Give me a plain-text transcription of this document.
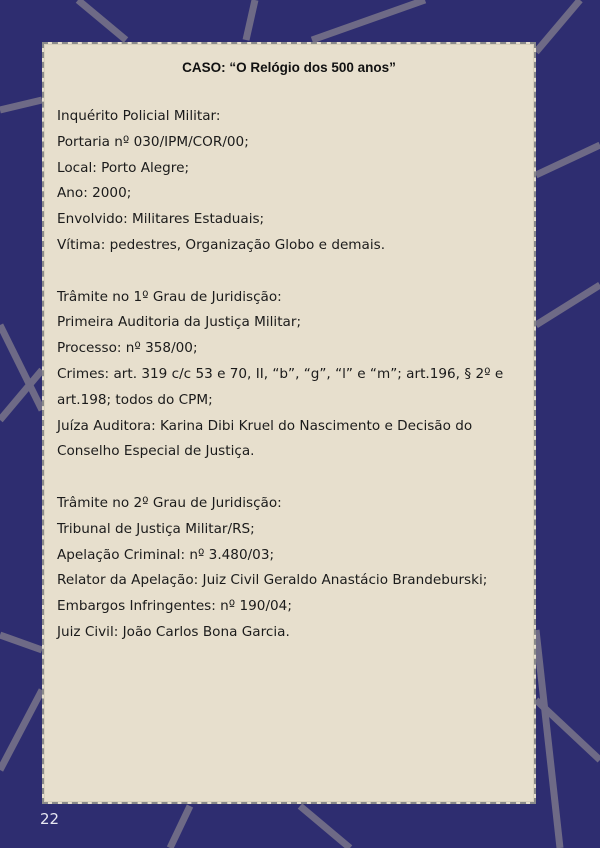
CASO: “O Relógio dos 500 anos”
Inquérito Policial Militar:
Portaria nº 030/IPM/COR/00;
Local: Porto Alegre;
Ano: 2000;
Envolvido: Militares Estaduais;
Vítima: pedestres, Organização Globo e demais.
Trâmite no 1º Grau de Juridisção:
Primeira Auditoria da Justiça Militar;
Processo: nº 358/00;
Crimes: art. 319 c/c 53 e 70, II, “b”, “g”, “l” e “m”; art.196, § 2º e
art.198; todos do CPM;
Juíza Auditora: Karina Dibi Kruel do Nascimento e Decisão do
Conselho Especial de Justiça.
Trâmite no 2º Grau de Juridisção:
Tribunal de Justiça Militar/RS;
Apelação Criminal: nº 3.480/03;
Relator da Apelação: Juiz Civil Geraldo Anastácio Brandeburski;
Embargos Infringentes: nº 190/04;
Juiz Civil: João Carlos Bona Garcia.
22
